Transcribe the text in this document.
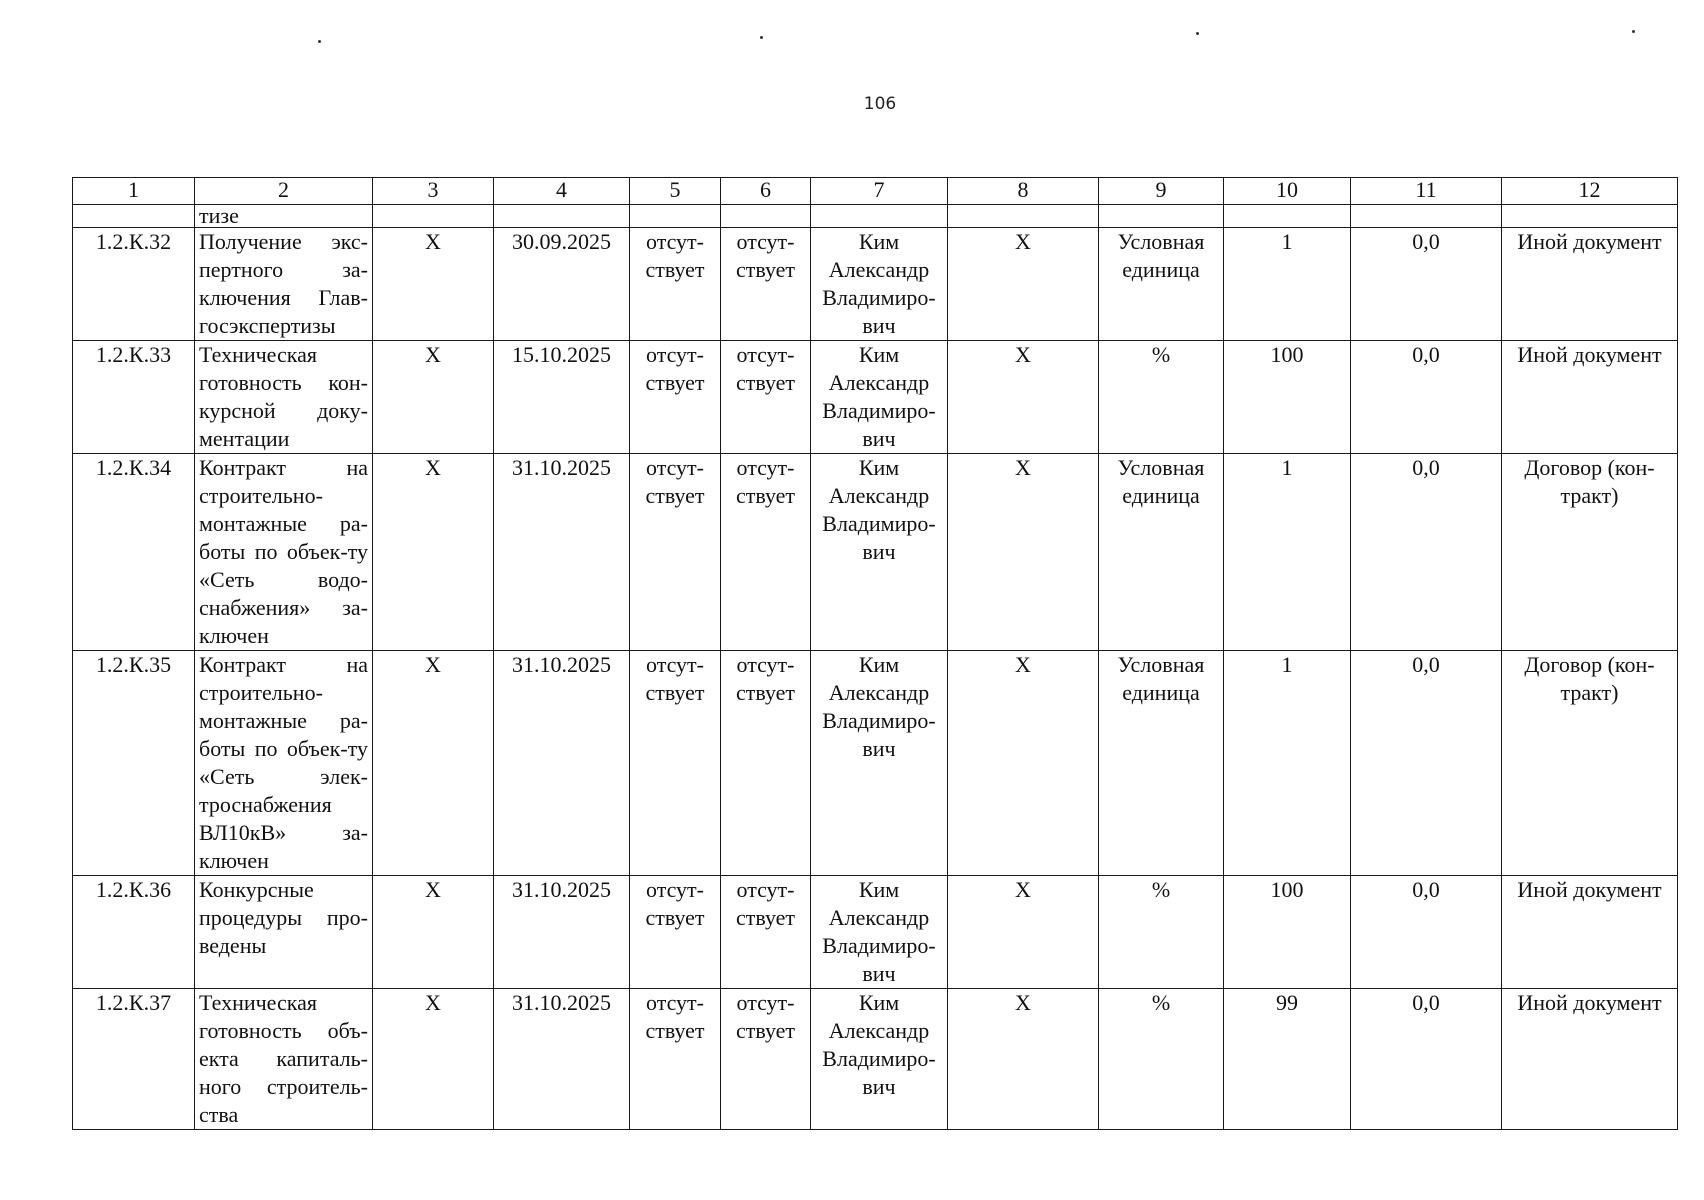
106
1	2	3	4	5	6	7	8	9	10	11	12
	тизе										
1.2.К.32	Получение экс-пертного за-ключения Глав-госэкспертизы	X	30.09.2025	отсут-ствует	отсут-ствует	Ким Александр Владимиро-вич	X	Условная единица	1	0,0	Иной документ
1.2.К.33	Техническая готовность кон-курсной доку-ментации	X	15.10.2025	отсут-ствует	отсут-ствует	Ким Александр Владимиро-вич	X	%	100	0,0	Иной документ
1.2.К.34	Контракт на строительно-монтажные ра-боты по объек-ту «Сеть водо-снабжения» за-ключен	X	31.10.2025	отсут-ствует	отсут-ствует	Ким Александр Владимиро-вич	X	Условная единица	1	0,0	Договор (кон-тракт)
1.2.К.35	Контракт на строительно-монтажные ра-боты по объек-ту «Сеть элек-троснабжения ВЛ10кВ» за-ключен	X	31.10.2025	отсут-ствует	отсут-ствует	Ким Александр Владимиро-вич	X	Условная единица	1	0,0	Договор (кон-тракт)
1.2.К.36	Конкурсные процедуры про-ведены	X	31.10.2025	отсут-ствует	отсут-ствует	Ким Александр Владимиро-вич	X	%	100	0,0	Иной документ
1.2.К.37	Техническая готовность объ-екта капиталь-ного строитель-ства	X	31.10.2025	отсут-ствует	отсут-ствует	Ким Александр Владимиро-вич	X	%	99	0,0	Иной документ
